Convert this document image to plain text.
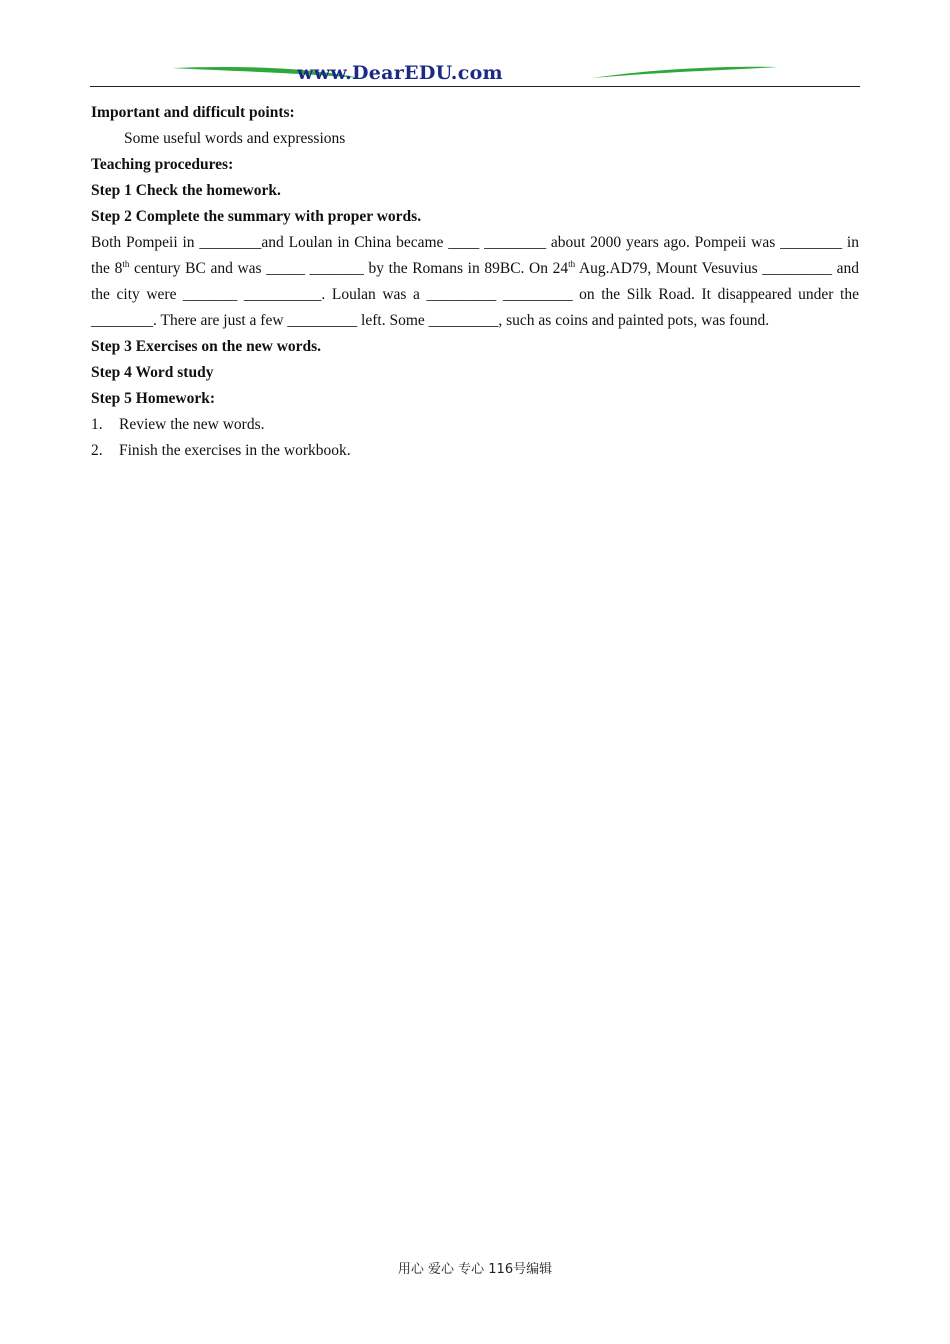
www.DearEDU.com

Important and difficult points:

Some useful words and expressions

Teaching procedures:

Step 1 Check the homework.

Step 2 Complete the summary with proper words.

Both Pompeii in ________and Loulan in China became ____ ________ about 2000 years ago. Pompeii was ________ in the 8th century BC and was _____ _______ by the Romans in 89BC. On 24th Aug.AD79, Mount Vesuvius _________ and the city were _______ __________. Loulan was a _________ _________ on the Silk Road. It disappeared under the ________. There are just a few _________ left. Some _________, such as coins and painted pots, was found.

Step 3 Exercises on the new words.

Step 4 Word study

Step 5 Homework:

1.	Review the new words.
2.	Finish the exercises in the workbook.
用心 爱心 专心 116号编辑
